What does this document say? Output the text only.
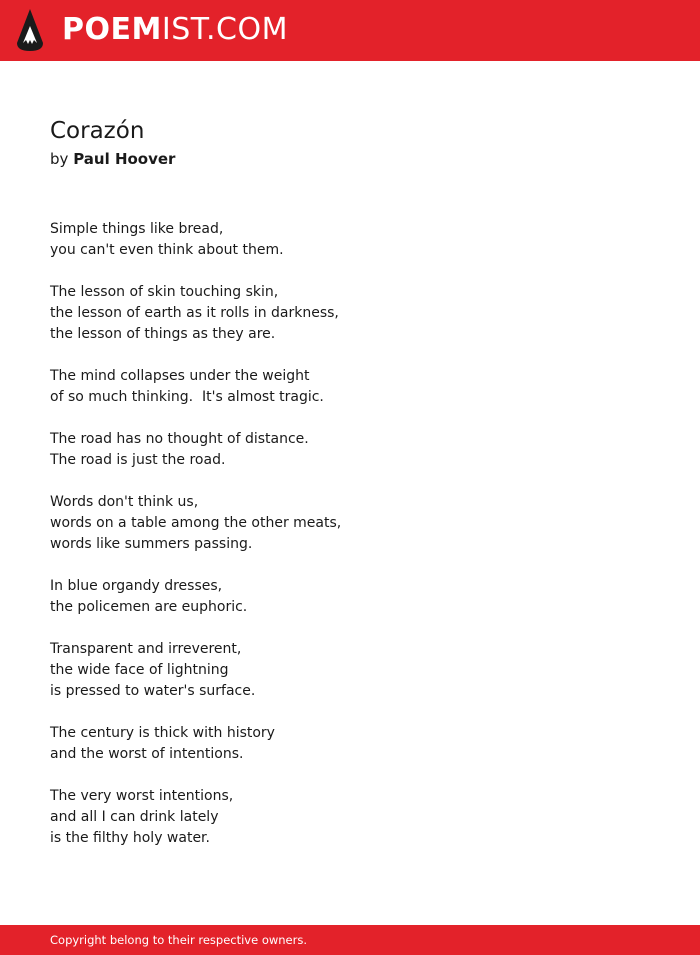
POEMIST.COM
Corazón
by Paul Hoover
Simple things like bread,
you can't even think about them.
The lesson of skin touching skin,
the lesson of earth as it rolls in darkness,
the lesson of things as they are.
The mind collapses under the weight
of so much thinking.  It's almost tragic.
The road has no thought of distance.
The road is just the road.
Words don't think us,
words on a table among the other meats,
words like summers passing.
In blue organdy dresses,
the policemen are euphoric.
Transparent and irreverent,
the wide face of lightning
is pressed to water's surface.
The century is thick with history
and the worst of intentions.
The very worst intentions,
and all I can drink lately
is the filthy holy water.
Copyright belong to their respective owners.
